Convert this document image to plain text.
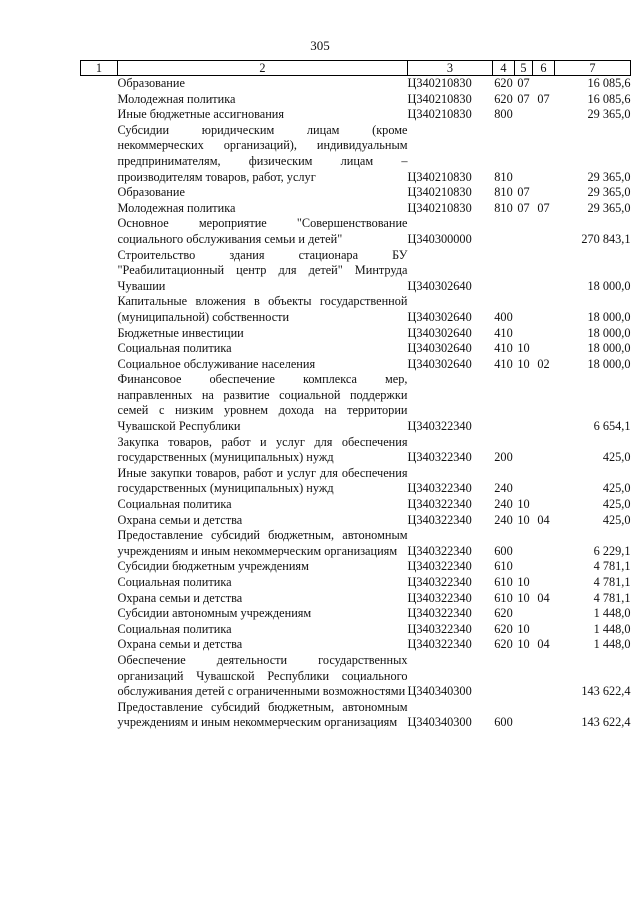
305
1	2	3	4	5	6	7
	Образование	Ц340210830	620	07		16 085,6
	Молодежная политика	Ц340210830	620	07	07	16 085,6
	Иные бюджетные ассигнования	Ц340210830	800			29 365,0
	Субсидии юридическим лицам (кроме некоммерческих организаций), индивидуальным предпринимателям, физическим лицам – производителям товаров, работ, услуг	Ц340210830	810			29 365,0
	Образование	Ц340210830	810	07		29 365,0
	Молодежная политика	Ц340210830	810	07	07	29 365,0
	Основное мероприятие "Совершенствование социального обслуживания семьи и детей"	Ц340300000				270 843,1
	Строительство здания стационара БУ "Реабилитационный центр для детей" Минтруда Чувашии	Ц340302640				18 000,0
	Капитальные вложения в объекты государственной (муниципальной) собственности	Ц340302640	400			18 000,0
	Бюджетные инвестиции	Ц340302640	410			18 000,0
	Социальная политика	Ц340302640	410	10		18 000,0
	Социальное обслуживание населения	Ц340302640	410	10	02	18 000,0
	Финансовое обеспечение комплекса мер, направленных на развитие социальной поддержки семей с низким уровнем дохода на территории Чувашской Республики	Ц340322340				6 654,1
	Закупка товаров, работ и услуг для обеспечения государственных (муниципальных) нужд	Ц340322340	200			425,0
	Иные закупки товаров, работ и услуг для обеспечения государственных (муниципальных) нужд	Ц340322340	240			425,0
	Социальная политика	Ц340322340	240	10		425,0
	Охрана семьи и детства	Ц340322340	240	10	04	425,0
	Предоставление субсидий бюджетным, автономным учреждениям и иным некоммерческим организациям	Ц340322340	600			6 229,1
	Субсидии бюджетным учреждениям	Ц340322340	610			4 781,1
	Социальная политика	Ц340322340	610	10		4 781,1
	Охрана семьи и детства	Ц340322340	610	10	04	4 781,1
	Субсидии автономным учреждениям	Ц340322340	620			1 448,0
	Социальная политика	Ц340322340	620	10		1 448,0
	Охрана семьи и детства	Ц340322340	620	10	04	1 448,0
	Обеспечение деятельности государственных организаций Чувашской Республики социального обслуживания детей с ограниченными возможностями	Ц340340300				143 622,4
	Предоставление субсидий бюджетным, автономным учреждениям и иным некоммерческим организациям	Ц340340300	600			143 622,4
